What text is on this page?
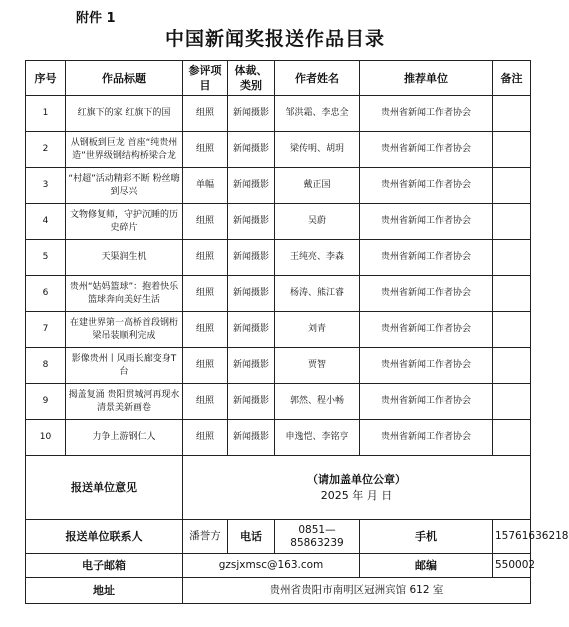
附件 1
中国新闻奖报送作品目录
序号	作品标题	参评项目	体裁、类别	作者姓名	推荐单位	备注
1	红旗下的家 红旗下的国	组照	新闻摄影	邹洪霜、李忠全	贵州省新闻工作者协会	
2	从钢板到巨龙 首座“纯贵州造”世界级钢结构桥梁合龙	组照	新闻摄影	梁传明、胡玥	贵州省新闻工作者协会	
3	“村超”活动精彩不断 粉丝嗨到尽兴	单幅	新闻摄影	戴正国	贵州省新闻工作者协会	
4	文物修复师，守护沉睡的历史碎片	组照	新闻摄影	吴蔚	贵州省新闻工作者协会	
5	天渠润生机	组照	新闻摄影	王纯亮、李森	贵州省新闻工作者协会	
6	贵州“姑妈篮球”：抱着快乐篮球奔向美好生活	组照	新闻摄影	杨涛、熊江睿	贵州省新闻工作者协会	
7	在建世界第一高桥首段钢桁梁吊装顺利完成	组照	新闻摄影	刘青	贵州省新闻工作者协会	
8	影像贵州丨风雨长廊变身T台	组照	新闻摄影	贾智	贵州省新闻工作者协会	
9	揭盖复涌 贵阳贯城河再现水清景美新画卷	组照	新闻摄影	郭然、程小畅	贵州省新闻工作者协会	
10	力争上游钢仁人	组照	新闻摄影	申逸恺、李铭亨	贵州省新闻工作者协会	
报送单位意见		（请加盖单位公章）
2025 年 月 日				

报送单位联系人		潘誉方	电话	0851—85863239	手机	15761636218
电子邮箱		gzsjxmsc@163.com			邮编	550002
地址		贵州省贵阳市南明区冠洲宾馆 612 室				
